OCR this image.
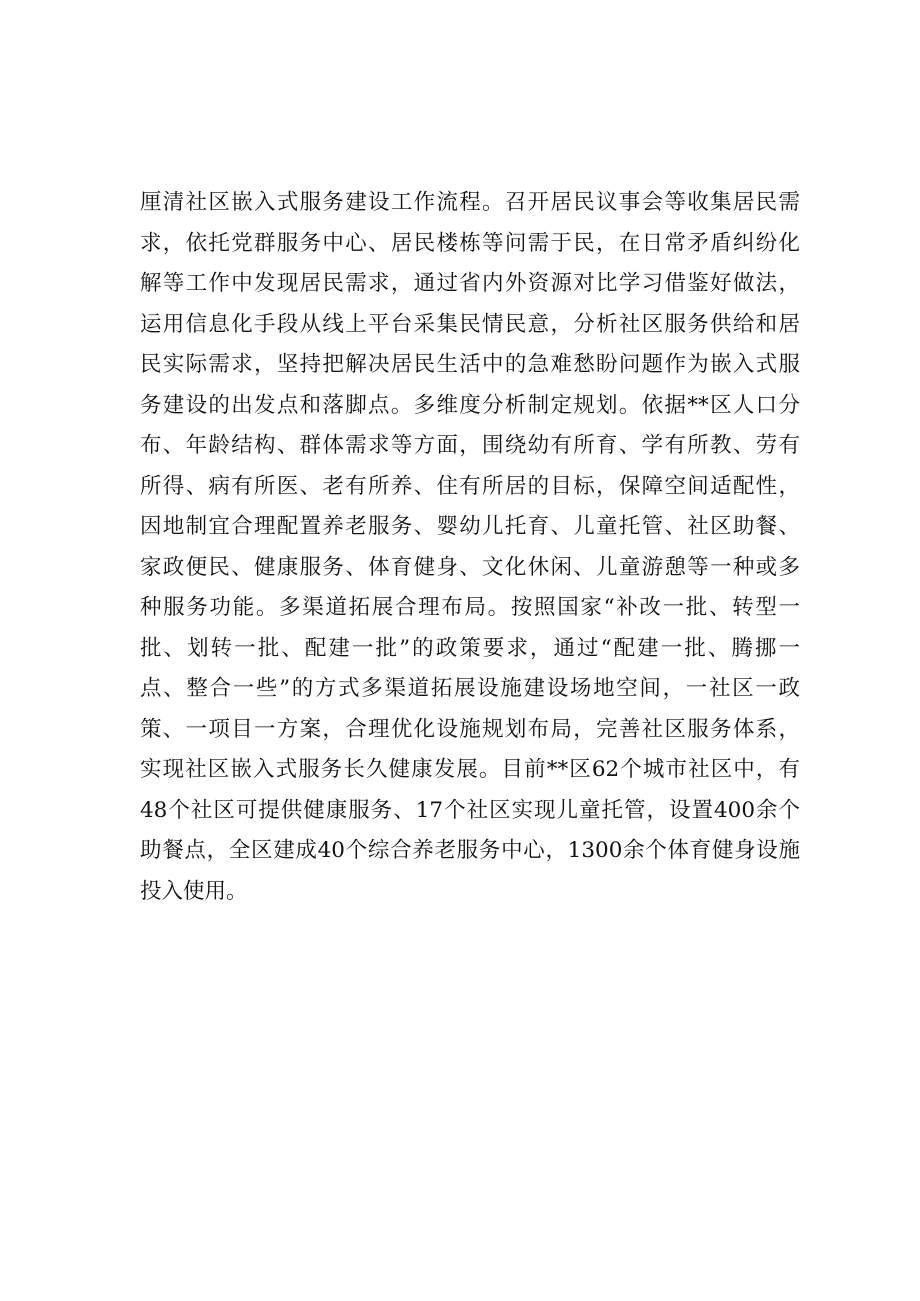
厘清社区嵌入式服务建设工作流程。召开居民议事会等收集居民需
求，依托党群服务中心、居民楼栋等问需于民，在日常矛盾纠纷化
解等工作中发现居民需求，通过省内外资源对比学习借鉴好做法，
运用信息化手段从线上平台采集民情民意，分析社区服务供给和居
民实际需求，坚持把解决居民生活中的急难愁盼问题作为嵌入式服
务建设的出发点和落脚点。多维度分析制定规划。依据**区人口分
布、年龄结构、群体需求等方面，围绕幼有所育、学有所教、劳有
所得、病有所医、老有所养、住有所居的目标，保障空间适配性，
因地制宜合理配置养老服务、婴幼儿托育、儿童托管、社区助餐、
家政便民、健康服务、体育健身、文化休闲、儿童游憩等一种或多
种服务功能。多渠道拓展合理布局。按照国家“补改一批、转型一
批、划转一批、配建一批”的政策要求，通过“配建一批、腾挪一
点、整合一些”的方式多渠道拓展设施建设场地空间，一社区一政
策、一项目一方案，合理优化设施规划布局，完善社区服务体系，
实现社区嵌入式服务长久健康发展。目前**区62个城市社区中，有
48个社区可提供健康服务、17个社区实现儿童托管，设置400余个
助餐点，全区建成40个综合养老服务中心，1300余个体育健身设施
投入使用。
